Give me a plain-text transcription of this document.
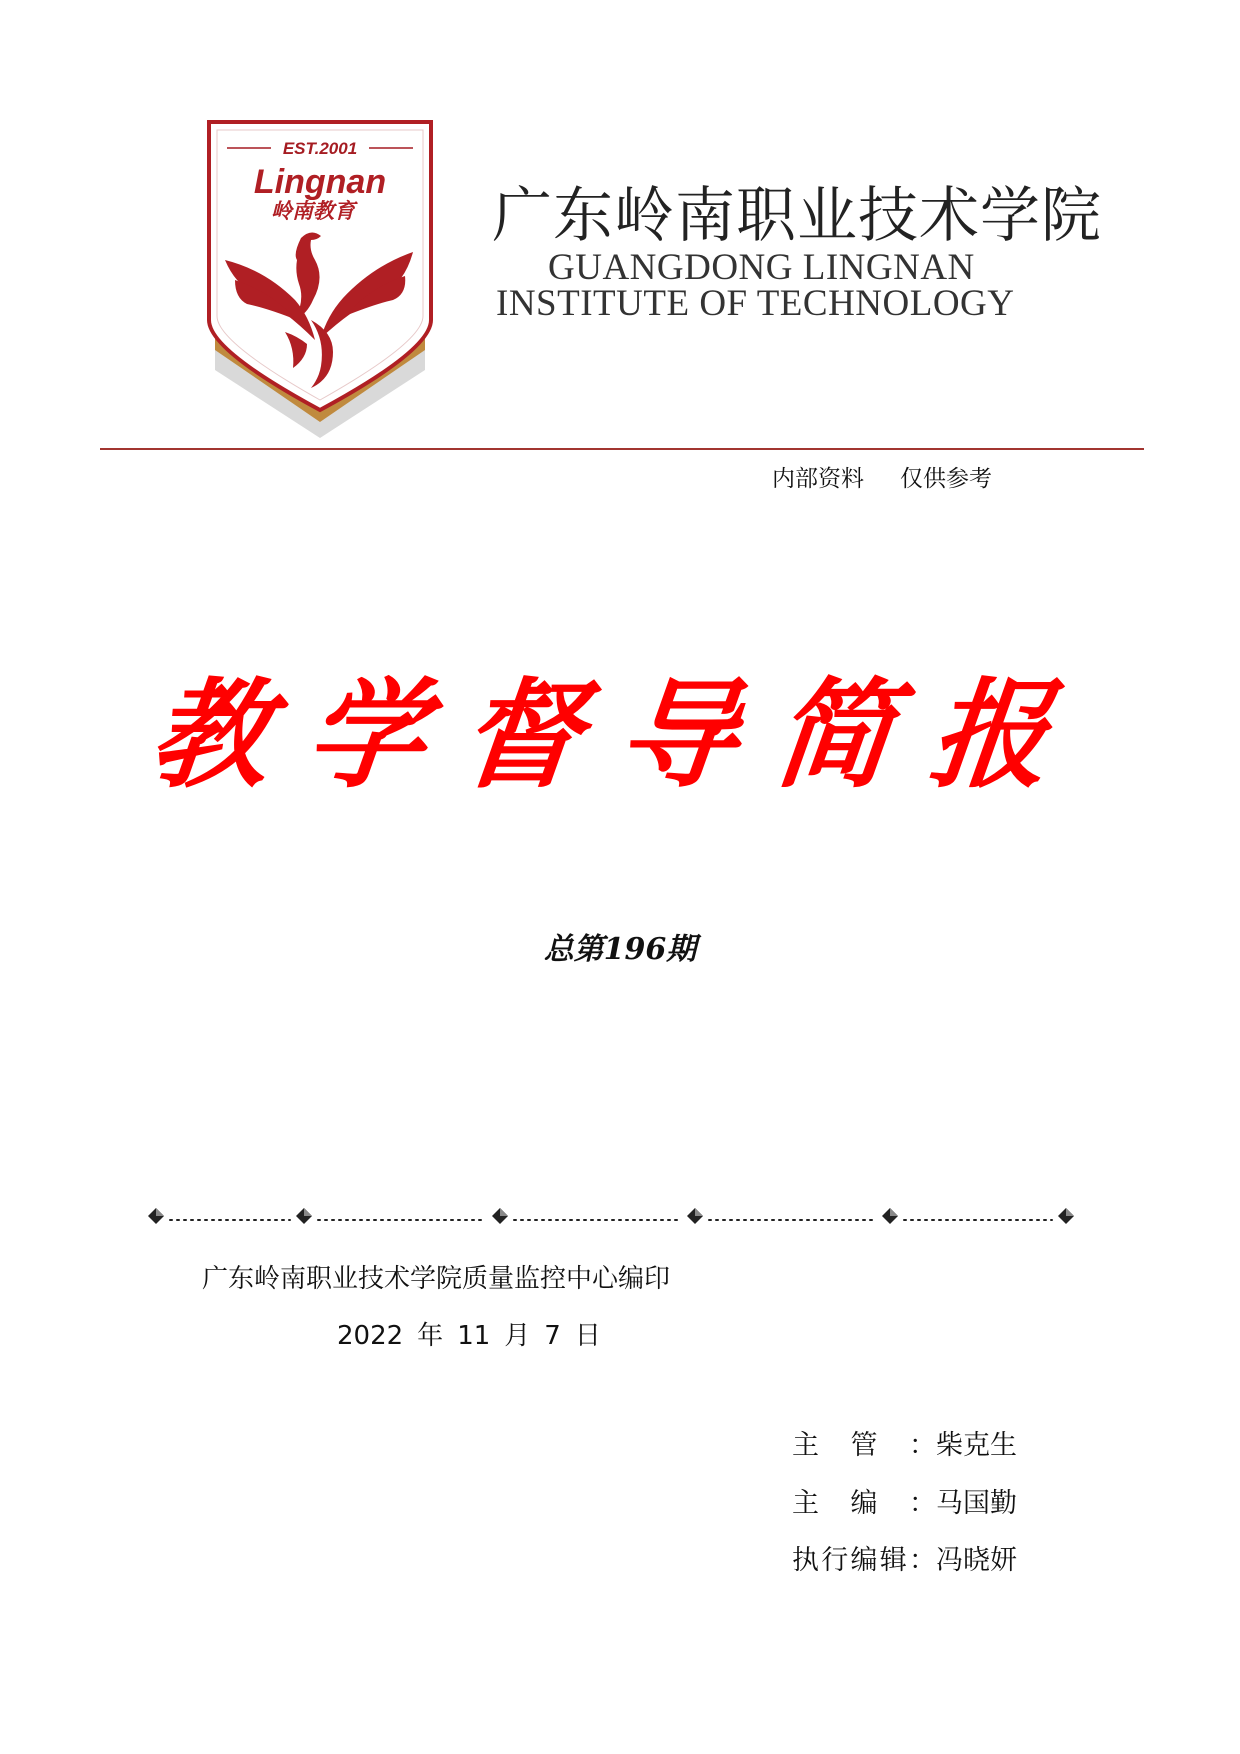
EST.2001
Lingnan
岭南教育 广东岭南职业技术学院
GUANGDONG LINGNAN
INSTITUTE OF TECHNOLOGY
内部资料 仅供参考
教学督导简报
总第196期
广东岭南职业技术学院质量监控中心编印
2022 年 11 月 7 日
主管： 柴克生
主编： 马国勤
执行编辑： 冯晓妍
